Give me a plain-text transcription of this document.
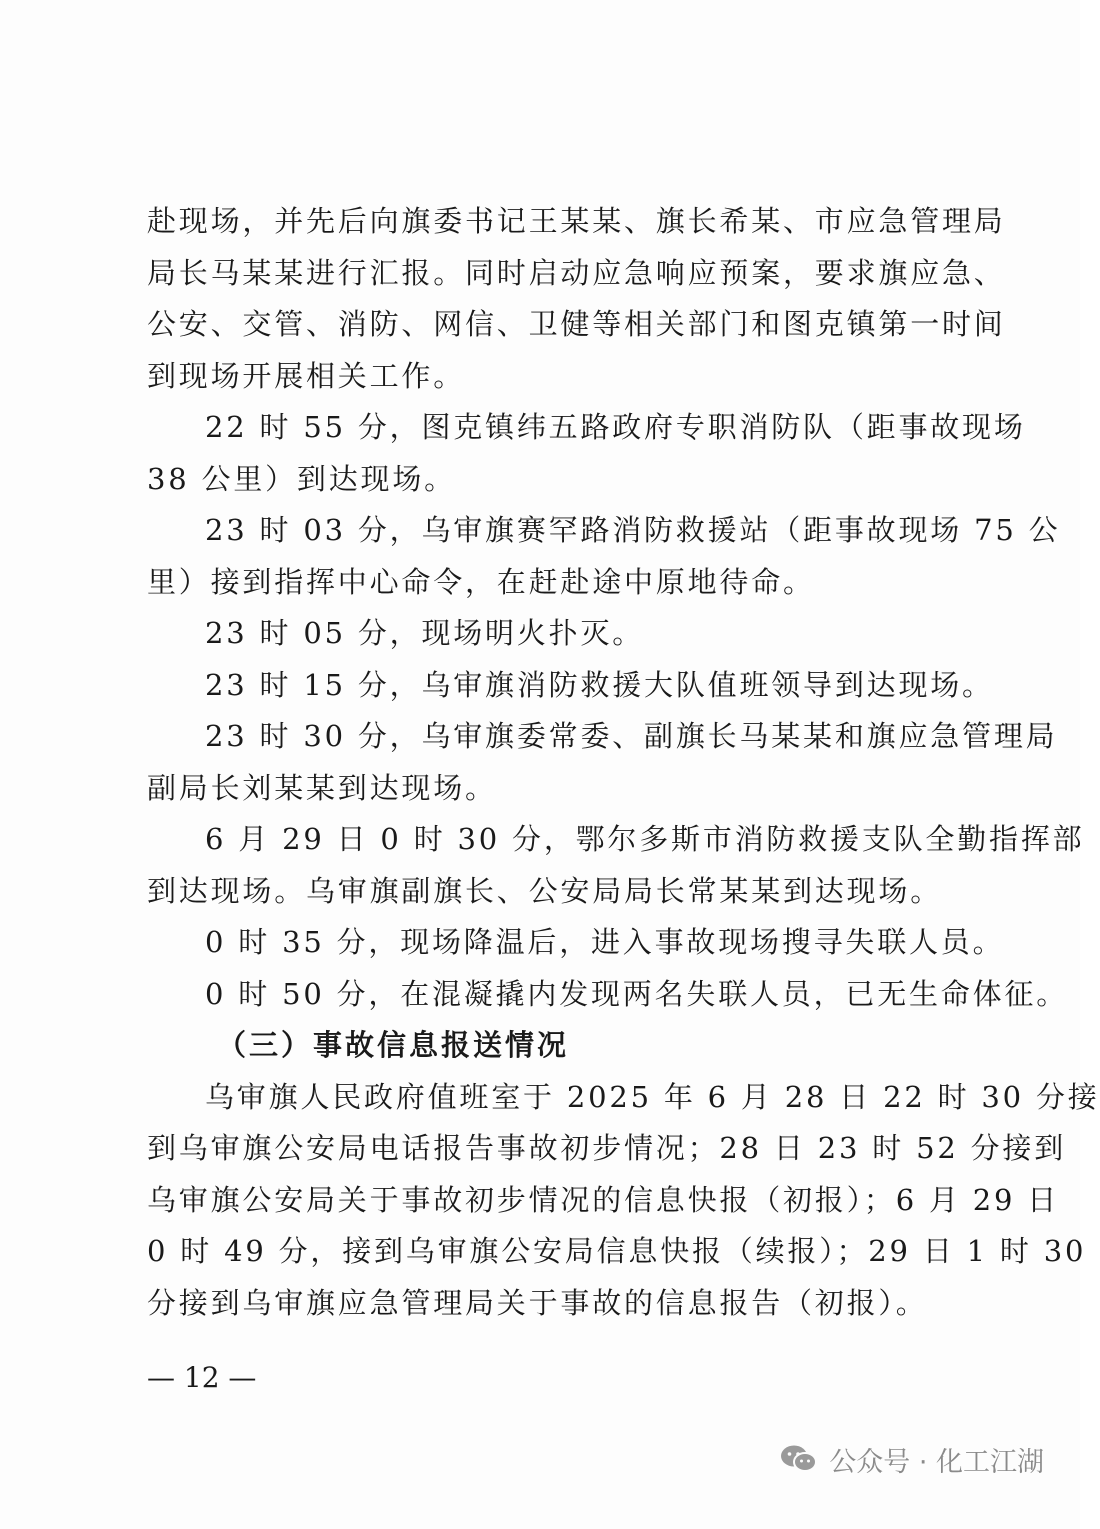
赴现场，并先后向旗委书记王某某、旗长希某、市应急管理局
局长马某某进行汇报。同时启动应急响应预案，要求旗应急、
公安、交管、消防、网信、卫健等相关部门和图克镇第一时间
到现场开展相关工作。
22 时 55 分，图克镇纬五路政府专职消防队（距事故现场
38 公里）到达现场。
23 时 03 分，乌审旗赛罕路消防救援站（距事故现场 75 公
里）接到指挥中心命令，在赶赴途中原地待命。
23 时 05 分，现场明火扑灭。
23 时 15 分，乌审旗消防救援大队值班领导到达现场。
23 时 30 分，乌审旗委常委、副旗长马某某和旗应急管理局
副局长刘某某到达现场。
6 月 29 日 0 时 30 分，鄂尔多斯市消防救援支队全勤指挥部
到达现场。乌审旗副旗长、公安局局长常某某到达现场。
0 时 35 分，现场降温后，进入事故现场搜寻失联人员。
0 时 50 分，在混凝撬内发现两名失联人员，已无生命体征。
（三）事故信息报送情况
乌审旗人民政府值班室于 2025 年 6 月 28 日 22 时 30 分接
到乌审旗公安局电话报告事故初步情况；28 日 23 时 52 分接到
乌审旗公安局关于事故初步情况的信息快报（初报）；6 月 29 日
0 时 49 分，接到乌审旗公安局信息快报（续报）；29 日 1 时 30
分接到乌审旗应急管理局关于事故的信息报告（初报）。
— 12 —
公众号 · 化工江湖
